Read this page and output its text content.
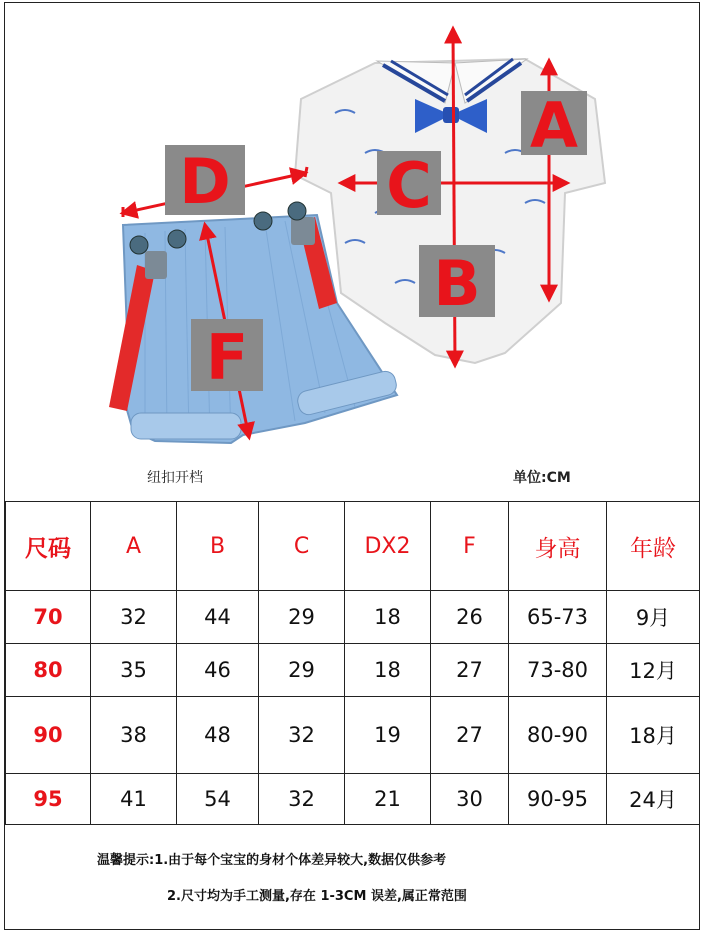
D	C
A
B
F
纽扣开档	单位:CM
尺码	A	B	C	DX2	F	身高	年龄
70	32	44	29	18	26	65-73	9月
80	35	46	29	18	27	73-80	12月
90	38	48	32	19	27	80-90	18月
95	41	54	32	21	30	90-95	24月
温馨提示:1.由于每个宝宝的身材个体差异较大,数据仅供参考
2.尺寸均为手工测量,存在 1-3CM 误差,属正常范围
